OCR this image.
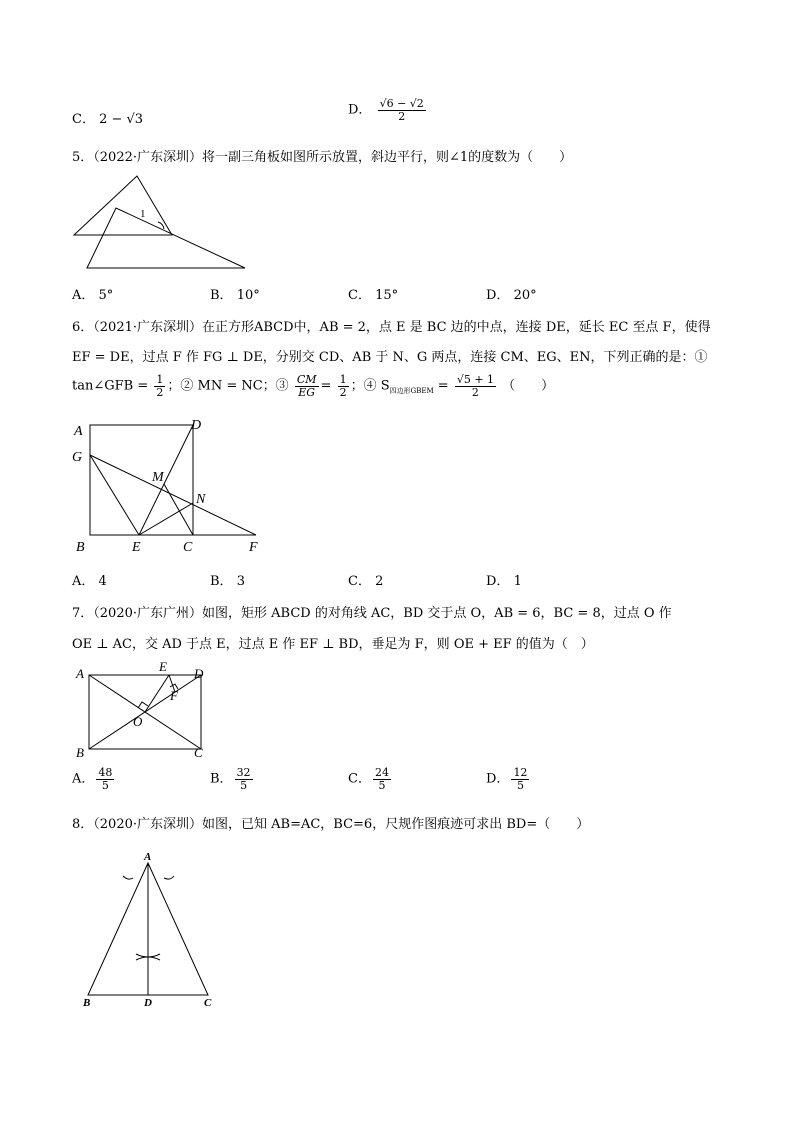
C． 2 − √3
D． $\frac{√6 - √2}{2}$
5．（2022·广东深圳）将一副三角板如图所示放置，斜边平行，则∠1的度数为（　　）
1
A． 5°	B． 10°	C． 15°	D． 20°
6．（2021·广东深圳）在正方形ABCD中，AB = 2，点 E 是 BC 边的中点，连接 DE，延长 EC 至点 F，使得
EF = DE，过点 F 作 FG ⊥ DE，分别交 CD、AB 于 N、G 两点，连接 CM、EG、EN，下列正确的是：①
tan∠GFB = $\frac{1}{2}$ ；② MN = NC；③ $\frac{CM}{EG} = \frac{1}{2}$ ；④ $S_{四边形GBEM} = \frac{√5 + 1}{2}$ （　　）
A	D
G
M
N
B	E	C	F
A． 4	B． 3	C． 2	D． 1
7．（2020·广东广州）如图，矩形 ABCD 的对角线 AC，BD 交于点 O，AB = 6，BC = 8，过点 O 作
OE ⊥ AC，交 AD 于点 E，过点 E 作 EF ⊥ BD，垂足为 F，则 OE + EF 的值为（　）
A	E D
F
O
B	C
A． $\frac{48}{5}$	B． $\frac{32}{5}$	C． $\frac{24}{5}$	D． $\frac{12}{5}$
8．（2020·广东深圳）如图，已知 AB=AC，BC=6，尺规作图痕迹可求出 BD=（　　）
A
B	D	C
